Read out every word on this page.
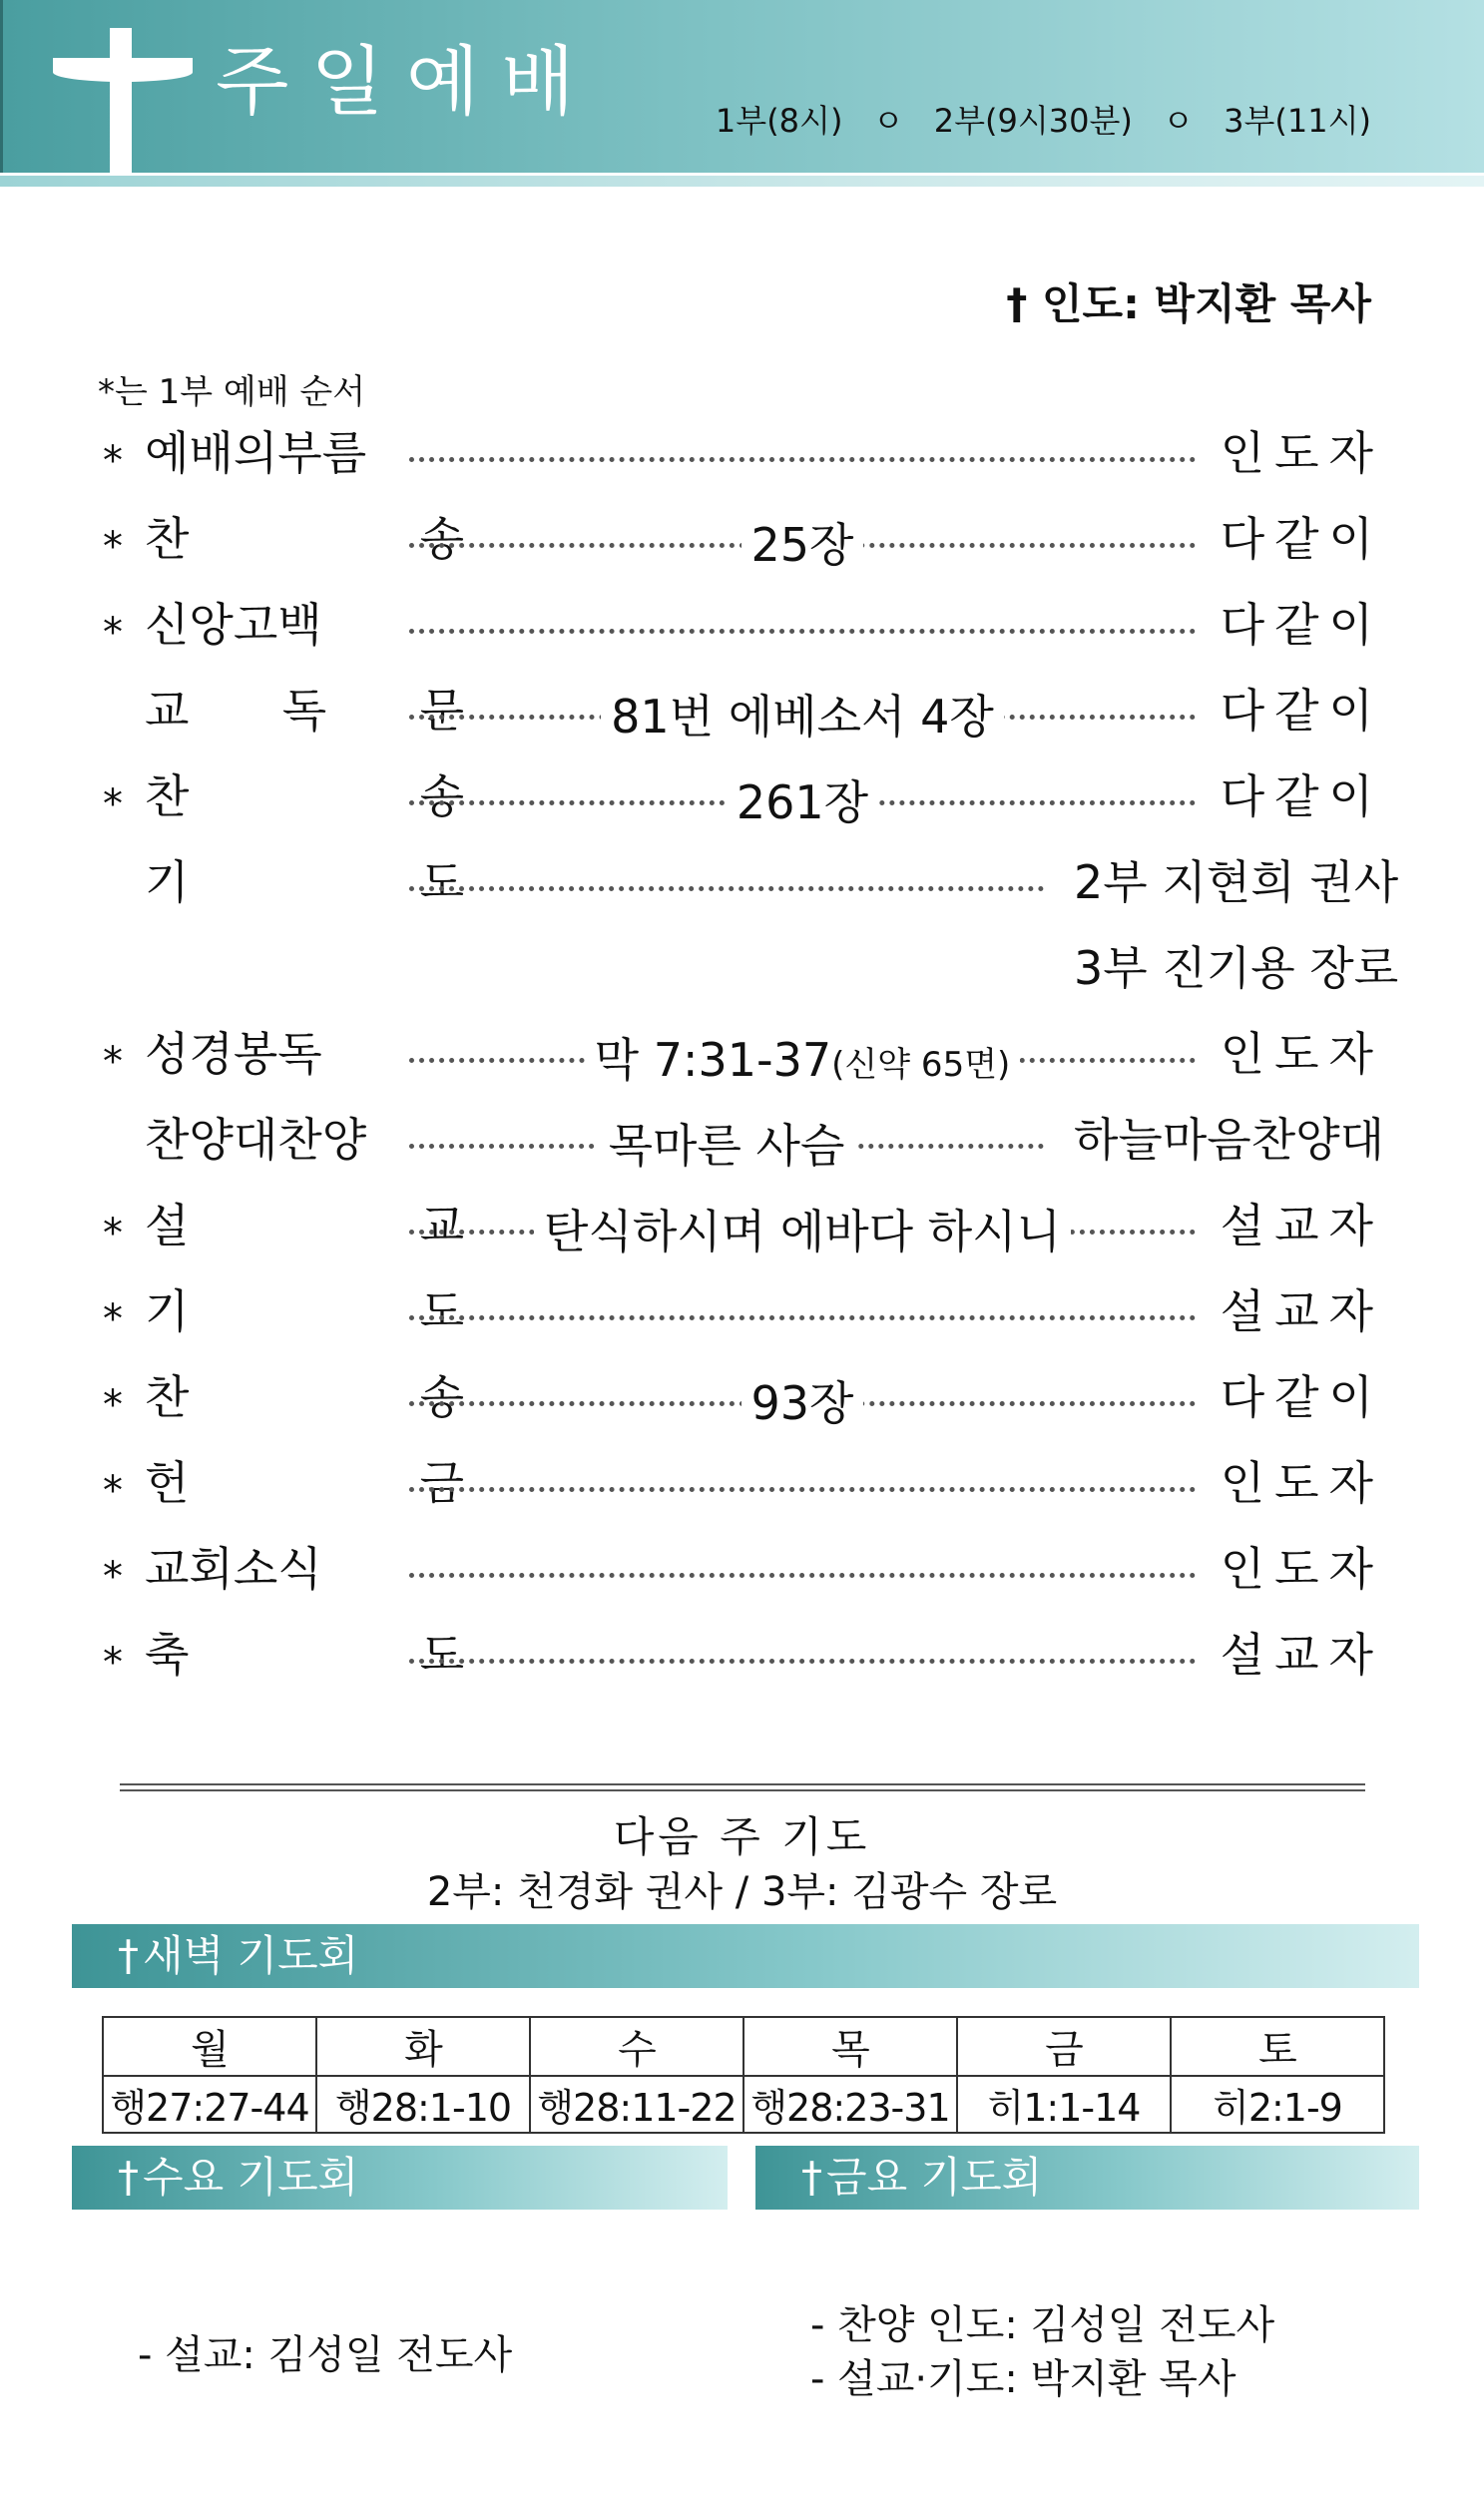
주일예배	1부(8시) ㅇ 2부(9시30분) ㅇ 3부(11시)
† 인도: 박지환 목사
*는 1부 예배 순서
* 예배의부름	인도자
* 찬	송	25장	다같이
* 신앙고백	다같이
교 독 문	81번 에베소서 4장	다같이
* 찬	송	261장	다같이
기	도	2부 지현희 권사
3부 진기용 장로
* 성경봉독	막 7:31-37(신약 65면)	인도자
찬양대찬양	목마른 사슴	하늘마음찬양대
* 설	교	탄식하시며 에바다 하시니	설교자
* 기	도	설교자
* 찬	송	93장	다같이
* 헌	금	인도자
* 교회소식	인도자
* 축	도	설교자
다음 주 기도
2부: 천경화 권사 / 3부: 김광수 장로
†새벽 기도회
월	화	수	목	금	토
행27:27-44	행28:1-10	행28:11-22	행28:23-31	히1:1-14	히2:1-9
†수요 기도회	†금요 기도회
- 설교: 김성일 전도사
- 찬양 인도: 김성일 전도사
- 설교·기도: 박지환 목사
